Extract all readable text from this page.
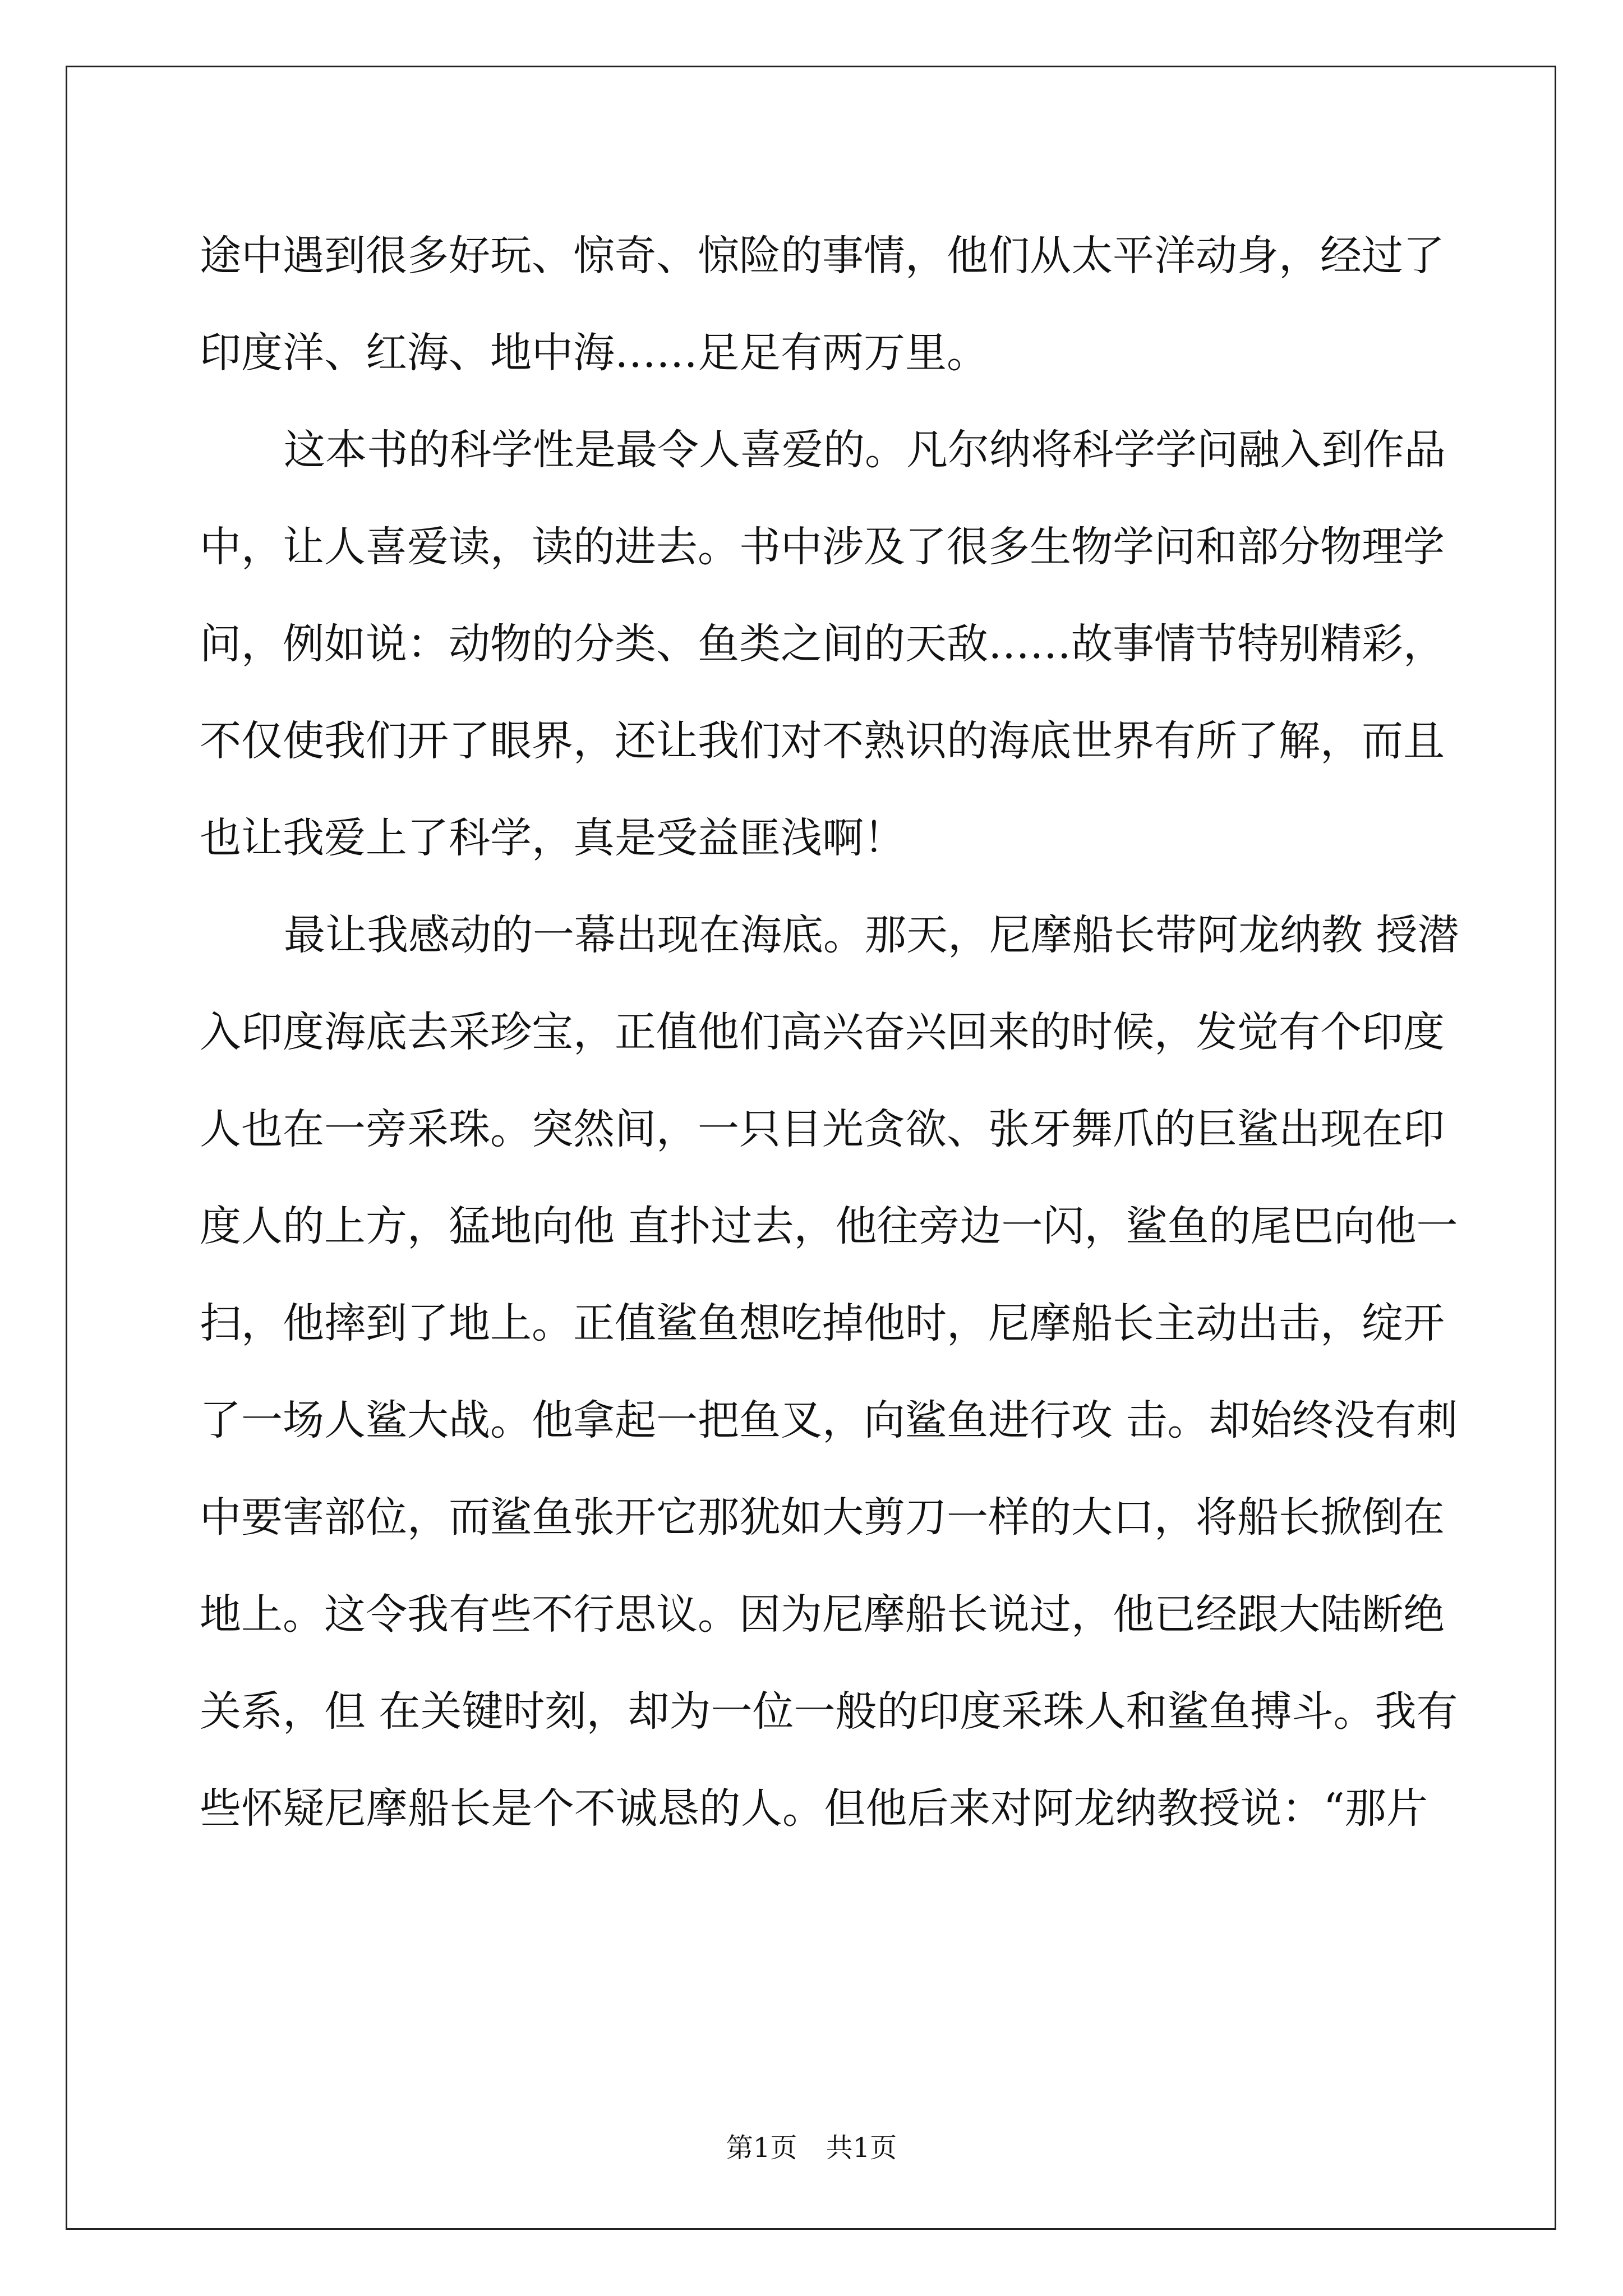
途中遇到很多好玩、惊奇、惊险的事情，他们从太平洋动身，经过了
印度洋、红海、地中海……足足有两万里。
这本书的科学性是最令人喜爱的。凡尔纳将科学学问融入到作品
中，让人喜爱读，读的进去。书中涉及了很多生物学问和部分物理学
问，例如说：动物的分类、鱼类之间的天敌……故事情节特别精彩，
不仅使我们开了眼界，还让我们对不熟识的海底世界有所了解，而且
也让我爱上了科学，真是受益匪浅啊！
最让我感动的一幕出现在海底。那天，尼摩船长带阿龙纳教 授潜
入印度海底去采珍宝，正值他们高兴奋兴回来的时候，发觉有个印度
人也在一旁采珠。突然间，一只目光贪欲、张牙舞爪的巨鲨出现在印
度人的上方，猛地向他 直扑过去，他往旁边一闪，鲨鱼的尾巴向他一
扫，他摔到了地上。正值鲨鱼想吃掉他时，尼摩船长主动出击，绽开
了一场人鲨大战。他拿起一把鱼叉，向鲨鱼进行攻 击。却始终没有刺
中要害部位，而鲨鱼张开它那犹如大剪刀一样的大口，将船长掀倒在
地上。这令我有些不行思议。因为尼摩船长说过，他已经跟大陆断绝
关系，但 在关键时刻，却为一位一般的印度采珠人和鲨鱼搏斗。我有
些怀疑尼摩船长是个不诚恳的人。但他后来对阿龙纳教授说：“那片
第1页 共1页
